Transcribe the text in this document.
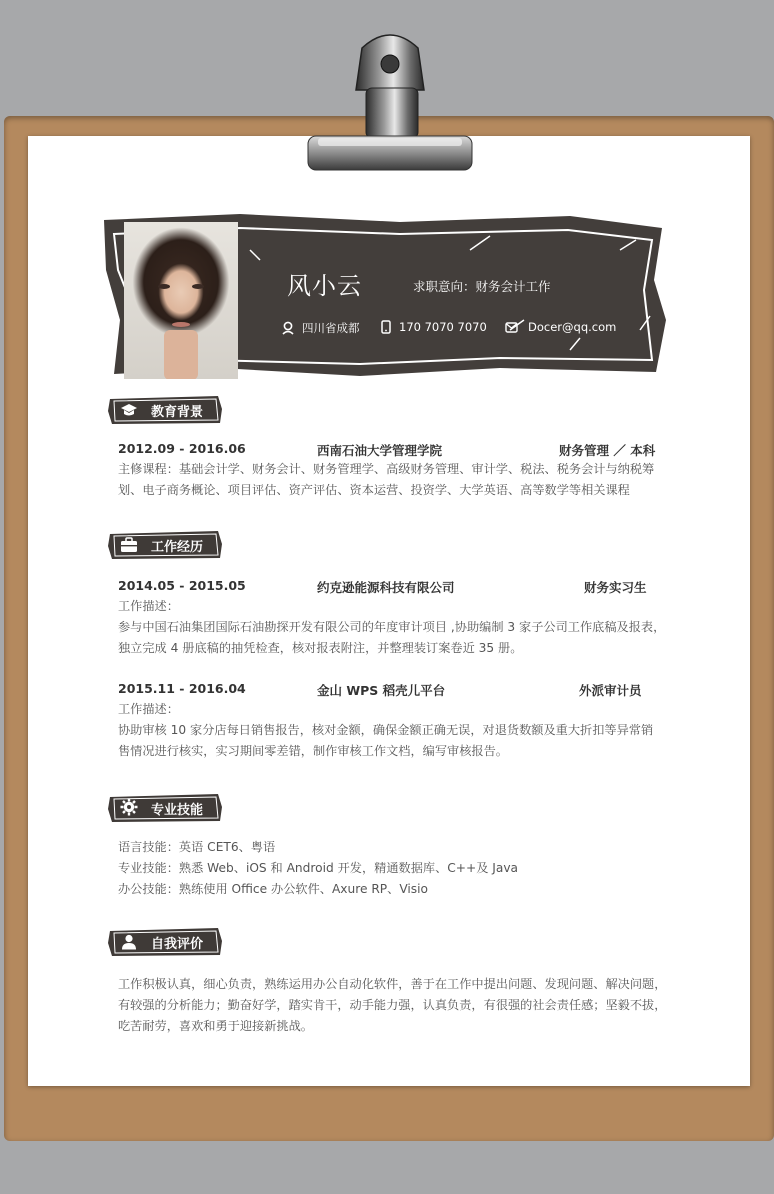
风小云	求职意向：财务会计工作
四川省成都	170 7070 7070	Docer@qq.com
教育背景
工作经历
专业技能
自我评价
2012.09 - 2016.06	西南石油大学管理学院	财务管理 ／ 本科
主修课程：基础会计学、财务会计、财务管理学、高级财务管理、审计学、税法、税务会计与纳税筹
划、电子商务概论、项目评估、资产评估、资本运营、投资学、大学英语、高等数学等相关课程
2014.05 - 2015.05	约克逊能源科技有限公司	财务实习生
工作描述：
参与中国石油集团国际石油勘探开发有限公司的年度审计项目 ,协助编制 3 家子公司工作底稿及报表，
独立完成 4 册底稿的抽凭检查，核对报表附注，并整理装订案卷近 35 册。
2015.11 - 2016.04	金山 WPS 稻壳儿平台	外派审计员
工作描述：
协助审核 10 家分店每日销售报告，核对金额，确保金额正确无误，对退货数额及重大折扣等异常销
售情况进行核实，实习期间零差错，制作审核工作文档，编写审核报告。
语言技能：英语 CET6、粤语
专业技能：熟悉 Web、iOS 和 Android 开发，精通数据库、C++及 Java
办公技能：熟练使用 Office 办公软件、Axure RP、Visio
工作积极认真，细心负责，熟练运用办公自动化软件，善于在工作中提出问题、发现问题、解决问题，
有较强的分析能力；勤奋好学，踏实肯干，动手能力强，认真负责，有很强的社会责任感；坚毅不拔，
吃苦耐劳，喜欢和勇于迎接新挑战。
